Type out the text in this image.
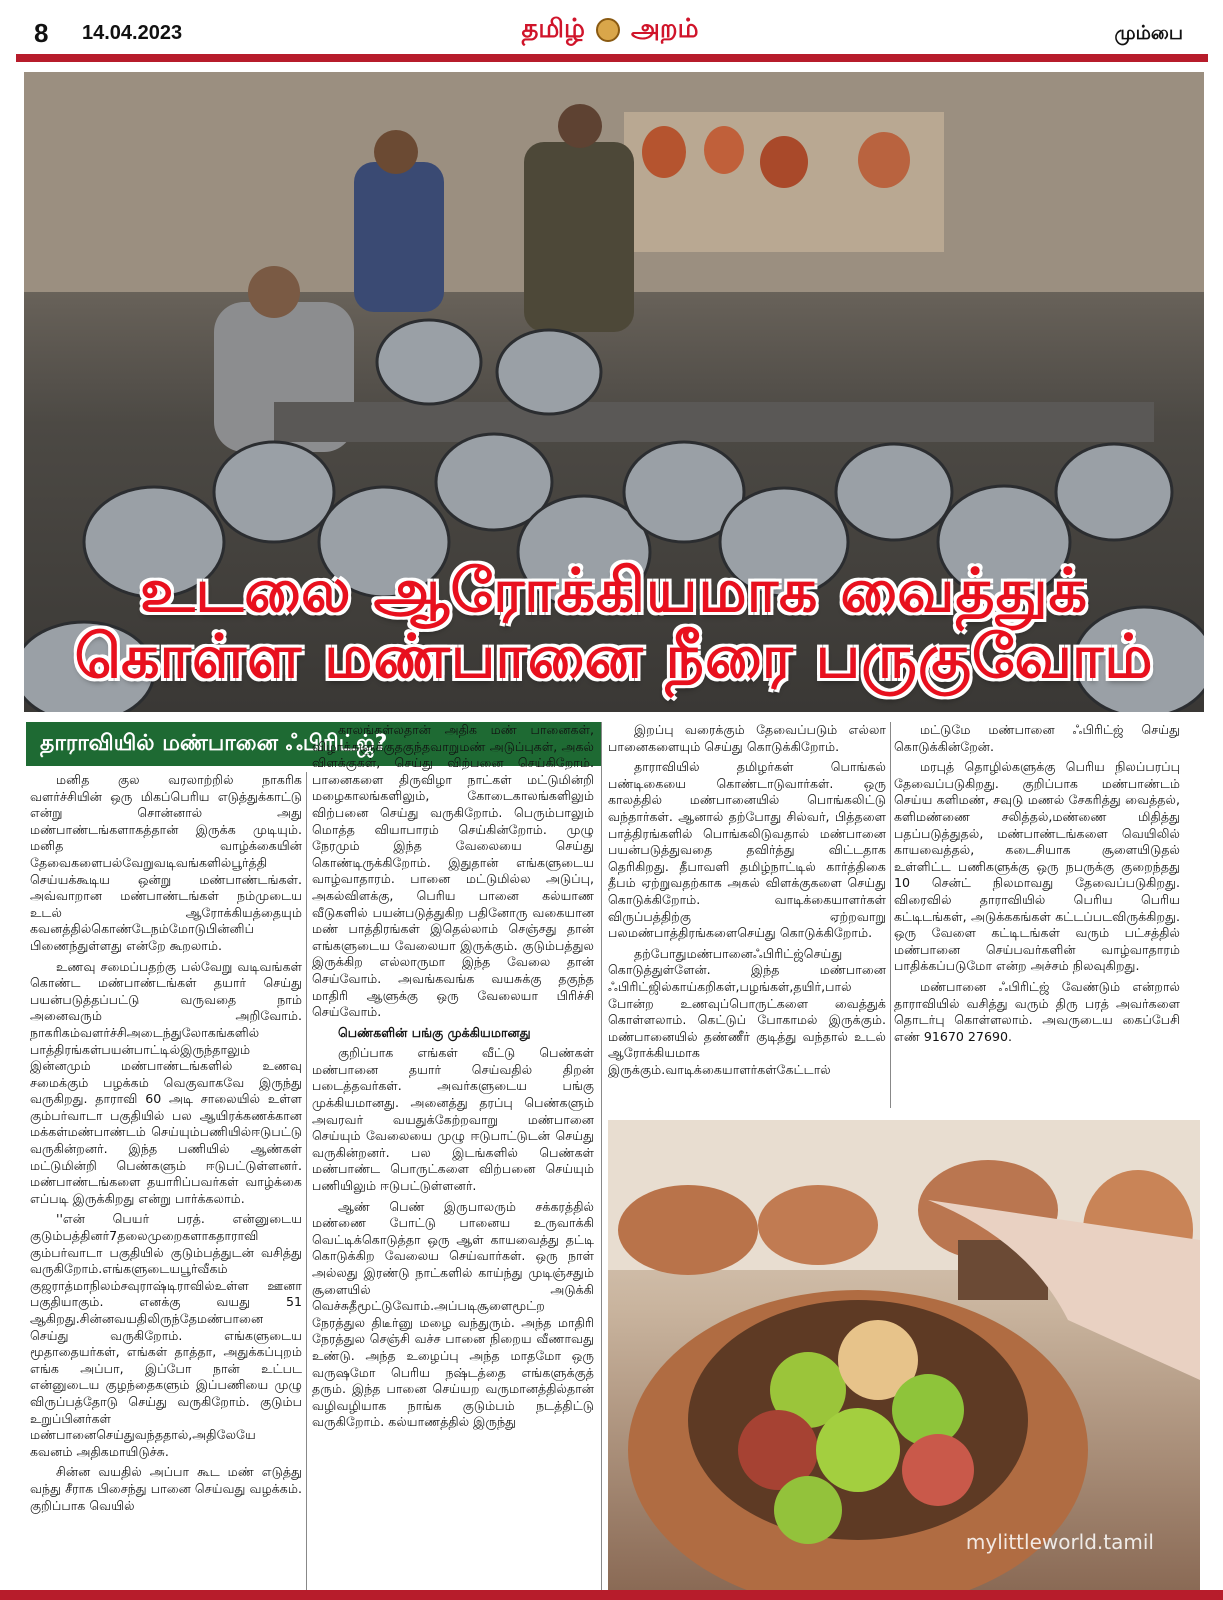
8 14.04.2023	தமிழ் அறம்	மும்பை
உடலை ஆரோக்கியமாக வைத்துக்
கொள்ள மண்பானை நீரை பருகுவோம்
தாராவியில் மண்பானை ஃபிரிட்ஜ்?

மனித குல வரலாற்றில் நாகரிக வளர்ச்சியின் ஒரு மிகப்பெரிய எடுத்துக்காட்டு என்று சொன்னால் அது மண்பாண்டங்களாகத்தான் இருக்க முடியும். மனித வாழ்க்கையின் தேவைகளைபல்வேறுவடிவங்களில்பூர்த்தி செய்யக்கூடிய ஒன்று மண்பாண்டங்கள். அவ்வாறான மண்பாண்டங்கள் நம்முடைய உடல் ஆரோக்கியத்தையும் கவனத்தில்கொண்டேநம்மோடுபின்னிப் பிணைந்துள்ளது என்றே கூறலாம்.

உணவு சமைப்பதற்கு பல்வேறு வடிவங்கள் கொண்ட மண்பாண்டங்கள் தயார் செய்து பயன்படுத்தப்பட்டு வருவதை நாம் அனைவரும் அறிவோம். நாகரிகம்வளர்ச்சிஅடைந்துலோகங்களில் பாத்திரங்கள்பயன்பாட்டில்இருந்தாலும் இன்னமும் மண்பாண்டங்களில் உணவு சமைக்கும் பழக்கம் வெகுவாகவே இருந்து வருகிறது. தாராவி 60 அடி சாலையில் உள்ள கும்பர்வாடா பகுதியில் பல ஆயிரக்கணக்கான மக்கள்மண்பாண்டம் செய்யும்பணியில்ஈடுபட்டு வருகின்றனர். இந்த பணியில் ஆண்கள் மட்டுமின்றி பெண்களும் ஈடுபட்டுள்ளனர். மண்பாண்டங்களை தயாரிப்பவர்கள் வாழ்க்கை எப்படி இருக்கிறது என்று பார்க்கலாம்.

''என் பெயர் பரத். என்னுடைய குடும்பத்தினர்7தலைமுறைகளாகதாராவி கும்பர்வாடா பகுதியில் குடும்பத்துடன் வசித்து வருகிறோம்.எங்களுடையபூர்வீகம் குஜராத்மாநிலம்சவுராஷ்டிராவில்உள்ள ஊனா பகுதியாகும். எனக்கு வயது 51 ஆகிறது.சின்னவயதிலிருந்தேமண்பானை செய்து வருகிறோம். எங்களுடைய மூதாதையர்கள், எங்கள் தாத்தா, அதுக்கப்புறம் எங்க அப்பா, இப்போ நான் உட்பட என்னுடைய குழந்தைகளும் இப்பணியை முழு விருப்பத்தோடு செய்து வருகிறோம். குடும்ப உறுப்பினர்கள் மண்பானைசெய்துவந்ததால்,அதிலேயே கவனம் அதிகமாயிடுச்சு.

சின்ன வயதில் அப்பா கூட மண் எடுத்து வந்து சீராக பிசைந்து பானை செய்வது வழக்கம். குறிப்பாக வெயில்

காலங்கள்லதான் அதிக மண் பானைகள், விழாக்களுக்குதகுந்தவாறுமண் அடுப்புகள், அகல் விளக்குகள், செய்து விற்பனை செய்கிறோம். பானைகளை திருவிழா நாட்கள் மட்டுமின்றி மழைகாலங்களிலும், கோடைகாலங்களிலும் விற்பனை செய்து வருகிறோம். பெரும்பாலும் மொத்த வியாபாரம் செய்கின்றோம். முழு நேரமும் இந்த வேலையை செய்து கொண்டிருக்கிறோம். இதுதான் எங்களுடைய வாழ்வாதாரம். பானை மட்டுமில்ல அடுப்பு, அகல்விளக்கு, பெரிய பானை கல்யாண வீடுகளில் பயன்படுத்துகிற பதினோரு வகையான மண் பாத்திரங்கள் இதெல்லாம் செஞ்சது தான் எங்களுடைய வேலையா இருக்கும். குடும்பத்துல இருக்கிற எல்லாருமா இந்த வேலை தான் செய்வோம். அவங்கவங்க வயசுக்கு தகுந்த மாதிரி ஆளுக்கு ஒரு வேலையா பிரிச்சி செய்வோம்.

பெண்களின் பங்கு முக்கியமானது

குறிப்பாக எங்கள் வீட்டு பெண்கள் மண்பானை தயார் செய்வதில் திறன் படைத்தவர்கள். அவர்களுடைய பங்கு முக்கியமானது. அனைத்து தரப்பு பெண்களும் அவரவர் வயதுக்கேற்றவாறு மண்பானை செய்யும் வேலையை முழு ஈடுபாட்டுடன் செய்து வருகின்றனர். பல இடங்களில் பெண்கள் மண்பாண்ட பொருட்களை விற்பனை செய்யும் பணியிலும் ஈடுபட்டுள்ளனர்.

ஆண் பெண் இருபாலரும் சக்கரத்தில் மண்ணை போட்டு பானைய உருவாக்கி வெட்டிக்கொடுத்தா ஒரு ஆள் காயவைத்து தட்டி கொடுக்கிற வேலைய செய்வார்கள். ஒரு நாள் அல்லது இரண்டு நாட்களில் காய்ந்து முடிஞ்சதும் சூளையில் அடுக்கி வெச்சுதீமூட்டுவோம்.அப்படிசூளைமூட்ற நேரத்துல திடீர்னு மழை வந்துரும். அந்த மாதிரி நேரத்துல செஞ்சி வச்ச பானை நிறைய வீணாவது உண்டு. அந்த உழைப்பு அந்த மாதமோ ஒரு வருஷமோ பெரிய நஷ்டத்தை எங்களுக்குத் தரும். இந்த பானை செய்யற வருமானத்தில்தான் வழிவழியாக நாங்க குடும்பம் நடத்திட்டு வருகிறோம். கல்யாணத்தில் இருந்து

இறப்பு வரைக்கும் தேவைப்படும் எல்லா பானைகளையும் செய்து கொடுக்கிறோம்.

தாராவியில் தமிழர்கள் பொங்கல் பண்டிகையை கொண்டாடுவார்கள். ஒரு காலத்தில் மண்பானையில் பொங்கலிட்டு வந்தார்கள். ஆனால் தற்போது சில்வர், பித்தளை பாத்திரங்களில் பொங்கலிடுவதால் மண்பானை பயன்படுத்துவதை தவிர்த்து விட்டதாக தெரிகிறது. தீபாவளி தமிழ்நாட்டில் கார்த்திகை தீபம் ஏற்றுவதற்காக அகல் விளக்குகளை செய்து கொடுக்கிறோம். வாடிக்கையாளர்கள் விருப்பத்திற்கு ஏற்றவாறு பலமண்பாத்திரங்களைசெய்து கொடுக்கிறோம்.

தற்போதுமண்பானைஃபிரிட்ஜ்செய்து கொடுத்துள்ளேன். இந்த மண்பானை ஃபிரிட்ஜில்காய்கறிகள்,பழங்கள்,தயிர்,பால் போன்ற உணவுப்பொருட்களை வைத்துக் கொள்ளலாம். கெட்டுப் போகாமல் இருக்கும். மண்பானையில் தண்ணீர் குடித்து வந்தால் உடல் ஆரோக்கியமாக இருக்கும்.வாடிக்கையாளர்கள்கேட்டால்

மட்டுமே மண்பானை ஃபிரிட்ஜ் செய்து கொடுக்கின்றேன்.

மரபுத் தொழில்களுக்கு பெரிய நிலப்பரப்பு தேவைப்படுகிறது. குறிப்பாக மண்பாண்டம் செய்ய களிமண், சவுடு மணல் சேகரித்து வைத்தல், களிமண்ணை சலித்தல்,மண்ணை மிதித்து பதப்படுத்துதல், மண்பாண்டங்களை வெயிலில் காயவைத்தல், கடைசியாக சூளையிடுதல் உள்ளிட்ட பணிகளுக்கு ஒரு நபருக்கு குறைந்தது 10 சென்ட் நிலமாவது தேவைப்படுகிறது. விரைவில் தாராவியில் பெரிய பெரிய கட்டிடங்கள், அடுக்ககங்கள் கட்டப்படவிருக்கிறது. ஒரு வேளை கட்டிடங்கள் வரும் பட்சத்தில் மண்பானை செய்பவர்களின் வாழ்வாதாரம் பாதிக்கப்படுமோ என்ற அச்சம் நிலவுகிறது.

மண்பானை ஃபிரிட்ஜ் வேண்டும் என்றால் தாராவியில் வசித்து வரும் திரு பரத் அவர்களை தொடர்பு கொள்ளலாம். அவருடைய கைப்பேசி எண் 91670 27690.

mylittleworld.tamil
